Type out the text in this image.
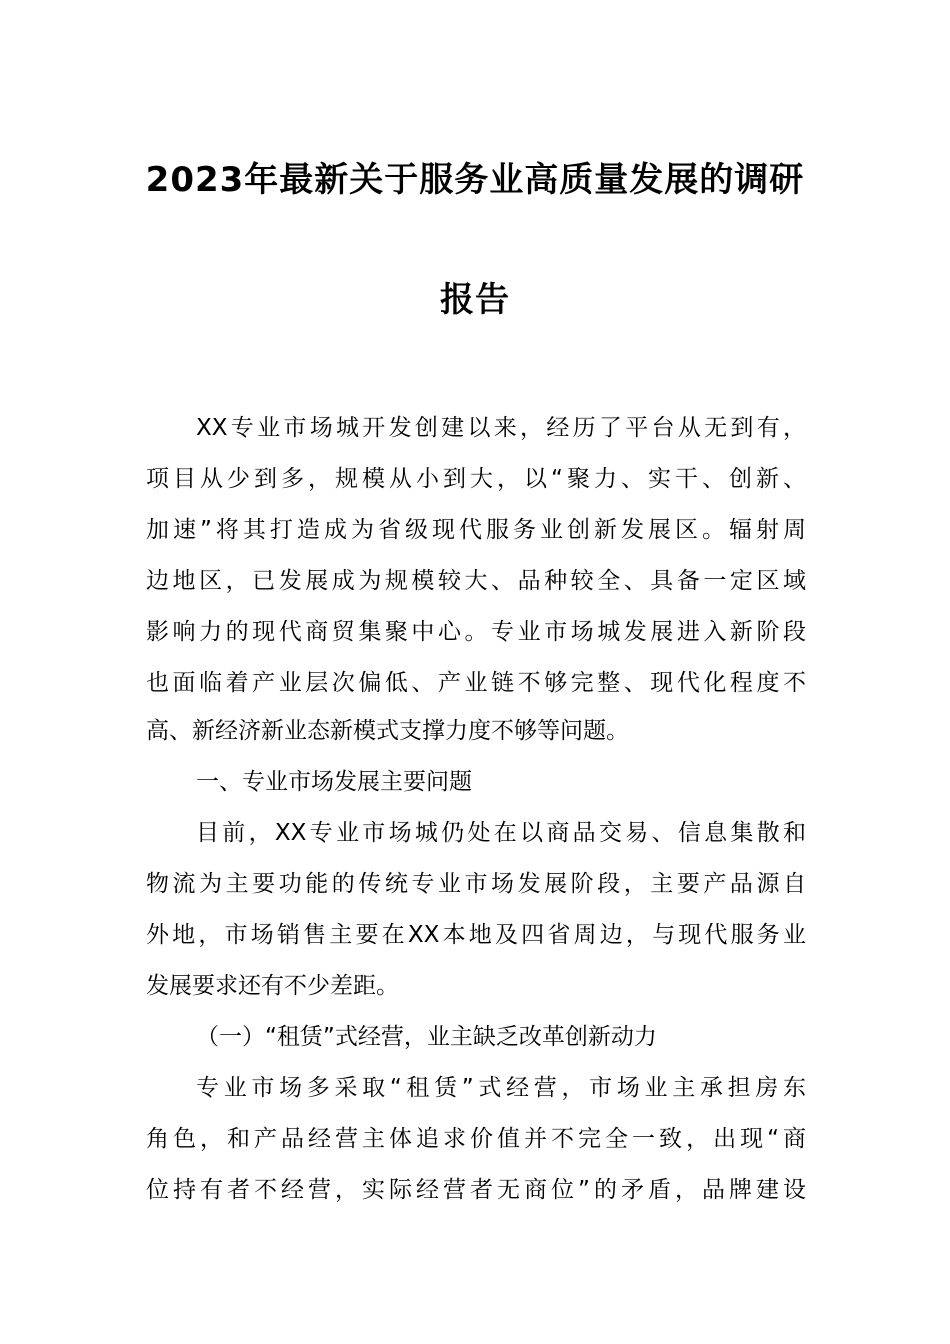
2023年最新关于服务业高质量发展的调研
报告

XX专业市场城开发创建以来，经历了平台从无到有，

项目从少到多，规模从小到大，以“聚力、实干、创新、

加速”将其打造成为省级现代服务业创新发展区。辐射周

边地区，已发展成为规模较大、品种较全、具备一定区域

影响力的现代商贸集聚中心。专业市场城发展进入新阶段

也面临着产业层次偏低、产业链不够完整、现代化程度不

高、新经济新业态新模式支撑力度不够等问题。

一、专业市场发展主要问题

目前，XX专业市场城仍处在以商品交易、信息集散和

物流为主要功能的传统专业市场发展阶段，主要产品源自

外地，市场销售主要在XX本地及四省周边，与现代服务业

发展要求还有不少差距。

（一）“租赁”式经营，业主缺乏改革创新动力

专业市场多采取“租赁”式经营，市场业主承担房东

角色，和产品经营主体追求价值并不完全一致，出现“商

位持有者不经营，实际经营者无商位”的矛盾，品牌建设
